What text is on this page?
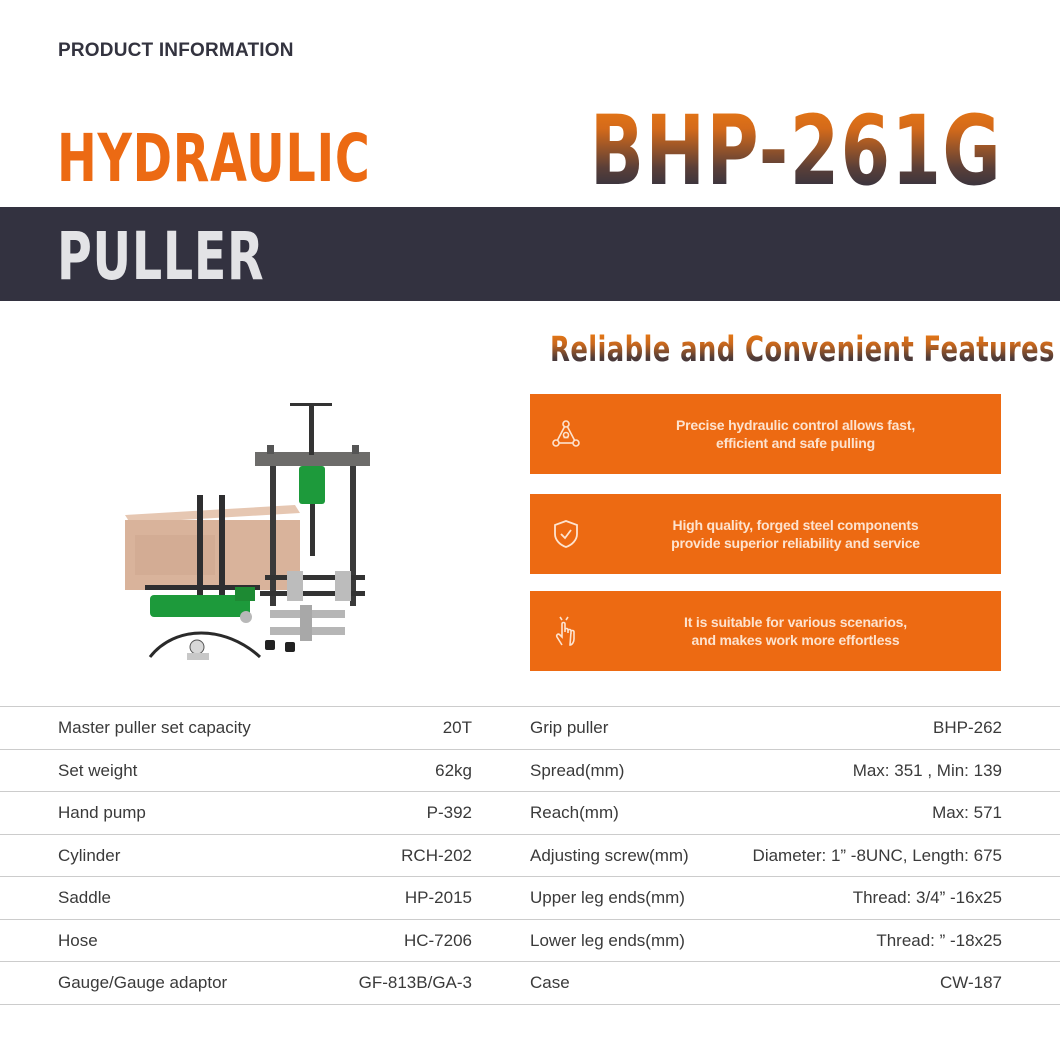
PRODUCT INFORMATION
HYDRAULIC BHP-261G
PULLER
Reliable and Convenient Features
Precise hydraulic control allows fast,
efficient and safe pulling
High quality, forged steel components
provide superior reliability and service
It is suitable for various scenarios,
and makes work more effortless
Master puller set capacity	20T	Grip puller	BHP-262
Set weight	62kg	Spread(mm)	Max: 351 , Min: 139
Hand pump	P-392	Reach(mm)	Max: 571
Cylinder	RCH-202	Adjusting screw(mm)	Diameter: 1” -8UNC, Length: 675
Saddle	HP-2015	Upper leg ends(mm)	Thread: 3/4” -16x25
Hose	HC-7206	Lower leg ends(mm)	Thread: ” -18x25
Gauge/Gauge adaptor	GF-813B/GA-3	Case	CW-187
